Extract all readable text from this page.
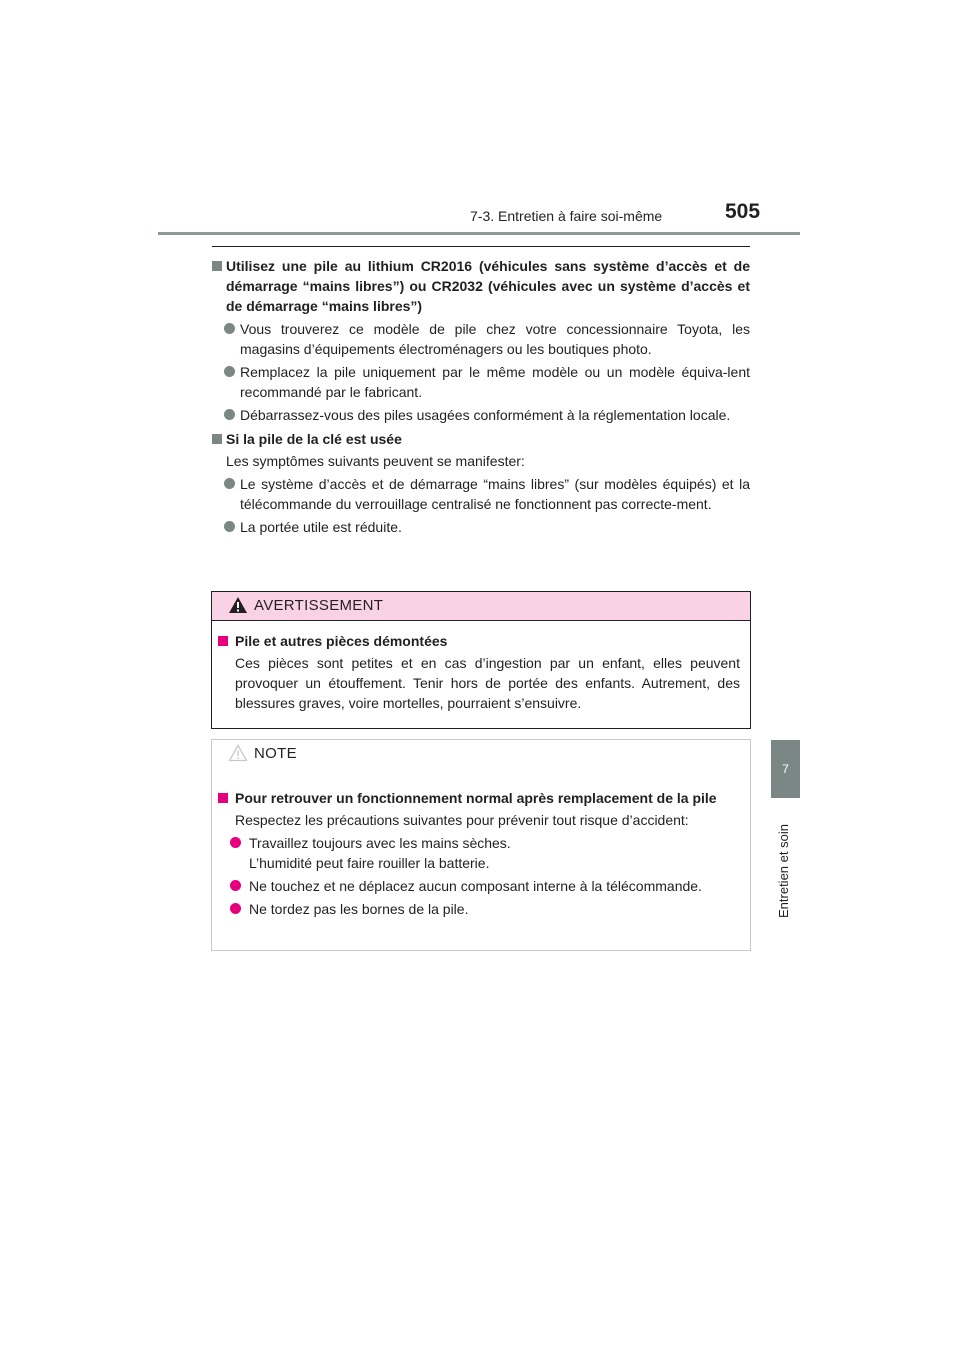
7-3. Entretien à faire soi-même	505
7
Entretien et soin
Utilisez une pile au lithium CR2016 (véhicules sans système d’accès et de démarrage “mains libres”) ou CR2032 (véhicules avec un système d’accès et de démarrage “mains libres”)
Vous trouverez ce modèle de pile chez votre concessionnaire Toyota, les magasins d’équipements électroménagers ou les boutiques photo.
Remplacez la pile uniquement par le même modèle ou un modèle équiva-lent recommandé par le fabricant.
Débarrassez-vous des piles usagées conformément à la réglementation locale.
Si la pile de la clé est usée
Les symptômes suivants peuvent se manifester:
Le système d’accès et de démarrage “mains libres” (sur modèles équipés) et la télécommande du verrouillage centralisé ne fonctionnent pas correcte-ment.
La portée utile est réduite.
AVERTISSEMENT
Pile et autres pièces démontées
Ces pièces sont petites et en cas d’ingestion par un enfant, elles peuvent provoquer un étouffement. Tenir hors de portée des enfants. Autrement, des blessures graves, voire mortelles, pourraient s’ensuivre.
NOTE
Pour retrouver un fonctionnement normal après remplacement de la pile
Respectez les précautions suivantes pour prévenir tout risque d’accident:
Travaillez toujours avec les mains sèches.
L’humidité peut faire rouiller la batterie.
Ne touchez et ne déplacez aucun composant interne à la télécommande.
Ne tordez pas les bornes de la pile.
